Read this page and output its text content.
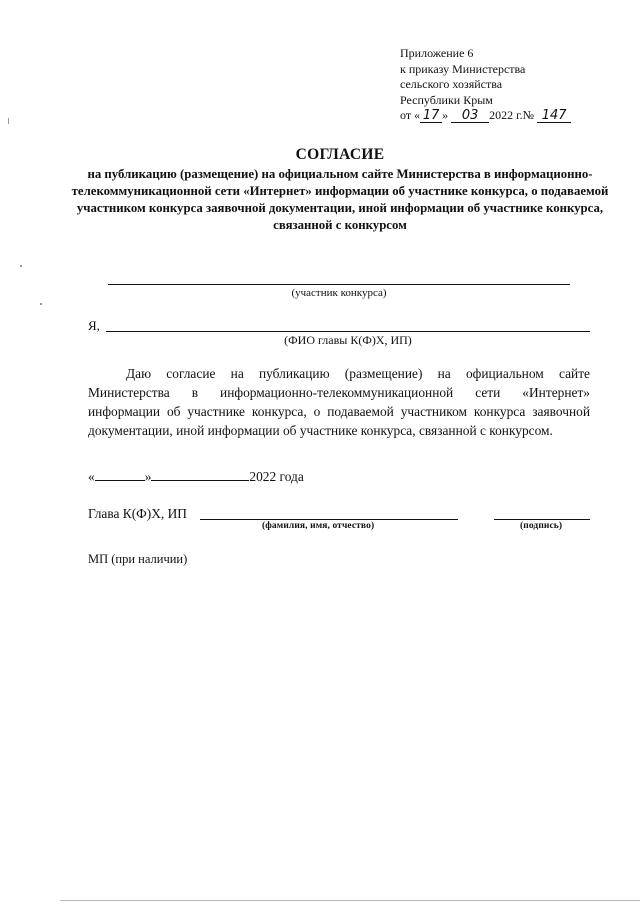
Приложение 6
к приказу Министерства
сельского хозяйства
Республики Крым
от « 17 » 03 2022 г.№ 147
СОГЛАСИЕ
на публикацию (размещение) на официальном сайте Министерства в информационно-телекоммуникационной сети «Интернет» информации об участнике конкурса, о подаваемой участником конкурса заявочной документации, иной информации об участнике конкурса, связанной с конкурсом
(участник конкурса)
Я,
(ФИО главы К(Ф)Х, ИП)
Даю согласие на публикацию (размещение) на официальном сайте Министерства в информационно-телекоммуникационной сети «Интернет» информации об участнике конкурса, о подаваемой участником конкурса заявочной документации, иной информации об участнике конкурса, связанной с конкурсом.
«	»	2022 года
Глава К(Ф)Х, ИП
(фамилия, имя, отчество)	(подпись)
МП (при наличии)
